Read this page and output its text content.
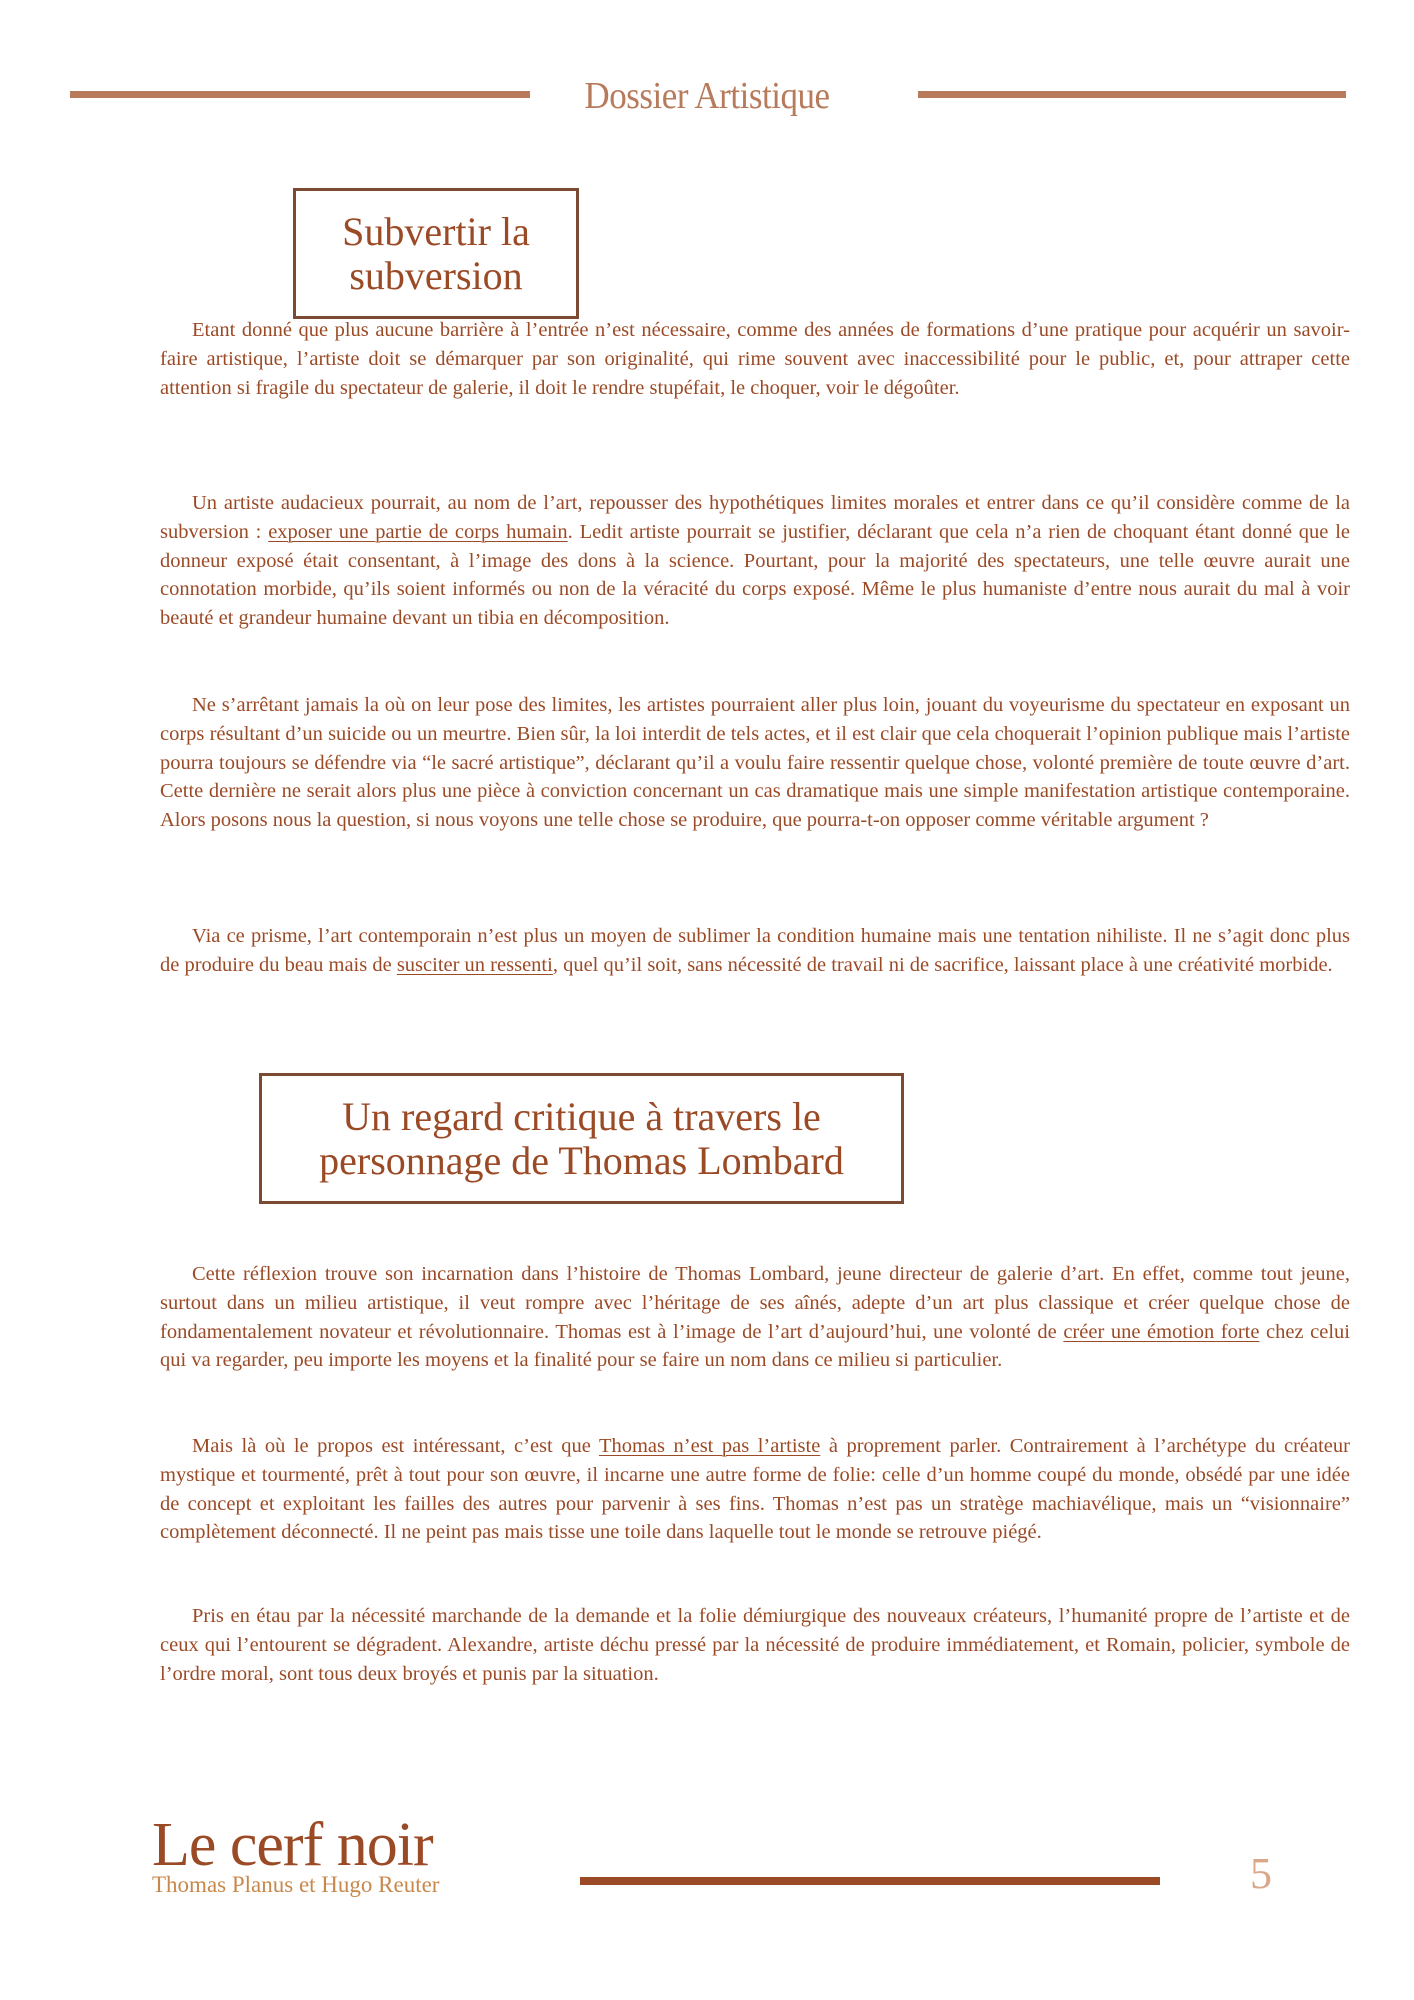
Dossier Artistique
Subvertir la
subversion

Etant donné que plus aucune barrière à l’entrée n’est nécessaire, comme des années de formations d’une pratique pour acquérir un savoir-faire artistique, l’artiste doit se démarquer par son originalité, qui rime souvent avec inaccessibilité pour le public, et, pour attraper cette attention si fragile du spectateur de galerie, il doit le rendre stupéfait, le choquer, voir le dégoûter.

Un artiste audacieux pourrait, au nom de l’art, repousser des hypothétiques limites morales et entrer dans ce qu’il considère comme de la subversion : exposer une partie de corps humain. Ledit artiste pourrait se justifier, déclarant que cela n’a rien de choquant étant donné que le donneur exposé était consentant, à l’image des dons à la science. Pourtant, pour la majorité des spectateurs, une telle œuvre aurait une connotation morbide, qu’ils soient informés ou non de la véracité du corps exposé. Même le plus humaniste d’entre nous aurait du mal à voir beauté et grandeur humaine devant un tibia en décomposition.

Ne s’arrêtant jamais la où on leur pose des limites, les artistes pourraient aller plus loin, jouant du voyeurisme du spectateur en exposant un corps résultant d’un suicide ou un meurtre. Bien sûr, la loi interdit de tels actes, et il est clair que cela choquerait l’opinion publique mais l’artiste pourra toujours se défendre via “le sacré artistique”, déclarant qu’il a voulu faire ressentir quelque chose, volonté première de toute œuvre d’art. Cette dernière ne serait alors plus une pièce à conviction concernant un cas dramatique mais une simple manifestation artistique contemporaine. Alors posons nous la question, si nous voyons une telle chose se produire, que pourra-t-on opposer comme véritable argument ?

Via ce prisme, l’art contemporain n’est plus un moyen de sublimer la condition humaine mais une tentation nihiliste. Il ne s’agit donc plus de produire du beau mais de susciter un ressenti, quel qu’il soit, sans nécessité de travail ni de sacrifice, laissant place à une créativité morbide.

Un regard critique à travers le
personnage de Thomas Lombard

Cette réflexion trouve son incarnation dans l’histoire de Thomas Lombard, jeune directeur de galerie d’art. En effet, comme tout jeune, surtout dans un milieu artistique, il veut rompre avec l’héritage de ses aînés, adepte d’un art plus classique et créer quelque chose de fondamentalement novateur et révolutionnaire. Thomas est à l’image de l’art d’aujourd’hui, une volonté de créer une émotion forte chez celui qui va regarder, peu importe les moyens et la finalité pour se faire un nom dans ce milieu si particulier.

Mais là où le propos est intéressant, c’est que Thomas n’est pas l’artiste à proprement parler. Contrairement à l’archétype du créateur mystique et tourmenté, prêt à tout pour son œuvre, il incarne une autre forme de folie: celle d’un homme coupé du monde, obsédé par une idée de concept et exploitant les failles des autres pour parvenir à ses fins. Thomas n’est pas un stratège machiavélique, mais un “visionnaire” complètement déconnecté. Il ne peint pas mais tisse une toile dans laquelle tout le monde se retrouve piégé.

Pris en étau par la nécessité marchande de la demande et la folie démiurgique des nouveaux créateurs, l’humanité propre de l’artiste et de ceux qui l’entourent se dégradent. Alexandre, artiste déchu pressé par la nécessité de produire immédiatement, et Romain, policier, symbole de l’ordre moral, sont tous deux broyés et punis par la situation.

Le cerf noir
Thomas Planus et Hugo Reuter	5
